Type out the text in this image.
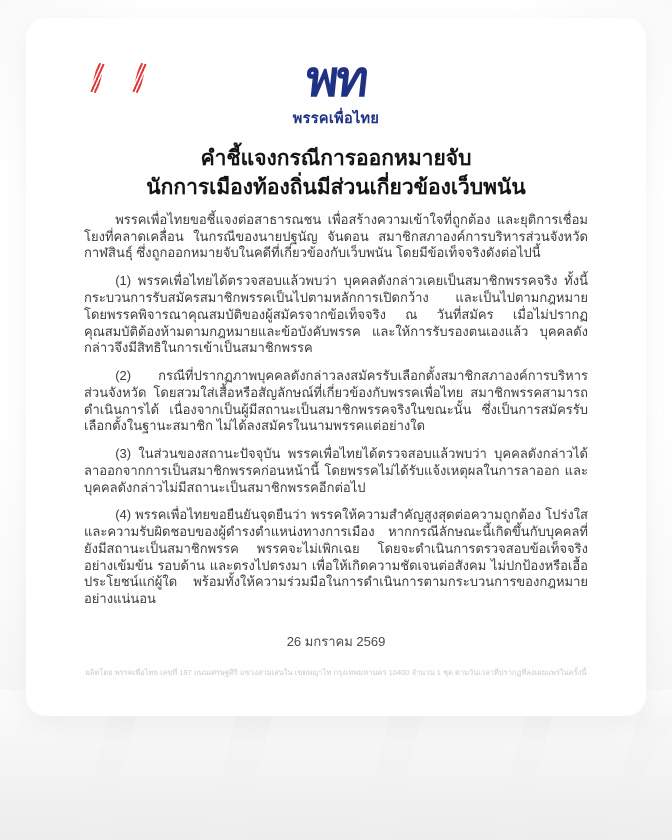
พท
พรรคเพื่อไทย
คำชี้แจงกรณีการออกหมายจับ
นักการเมืองท้องถิ่นมีส่วนเกี่ยวข้องเว็บพนัน

พรรคเพื่อไทยขอชี้แจงต่อสาธารณชน เพื่อสร้างความเข้าใจที่ถูกต้อง และยุติการเชื่อมโยงที่คลาดเคลื่อน ในกรณีของนายปฐนัญ จันดอน สมาชิกสภาองค์การบริหารส่วนจังหวัดกาฬสินธุ์ ซึ่งถูกออกหมายจับในคดีที่เกี่ยวข้องกับเว็บพนัน โดยมีข้อเท็จจริงดังต่อไปนี้

(1) พรรคเพื่อไทยได้ตรวจสอบแล้วพบว่า บุคคลดังกล่าวเคยเป็นสมาชิกพรรคจริง ทั้งนี้กระบวนการรับสมัครสมาชิกพรรคเป็นไปตามหลักการเปิดกว้าง และเป็นไปตามกฎหมาย โดยพรรคพิจารณาคุณสมบัติของผู้สมัครจากข้อเท็จจริง ณ วันที่สมัคร เมื่อไม่ปรากฏคุณสมบัติต้องห้ามตามกฎหมายและข้อบังคับพรรค และให้การรับรองตนเองแล้ว บุคคลดังกล่าวจึงมีสิทธิในการเข้าเป็นสมาชิกพรรค

(2) กรณีที่ปรากฏภาพบุคคลดังกล่าวลงสมัครรับเลือกตั้งสมาชิกสภาองค์การบริหารส่วนจังหวัด โดยสวมใส่เสื้อหรือสัญลักษณ์ที่เกี่ยวข้องกับพรรคเพื่อไทย สมาชิกพรรคสามารถดำเนินการได้ เนื่องจากเป็นผู้มีสถานะเป็นสมาชิกพรรคจริงในขณะนั้น ซึ่งเป็นการสมัครรับเลือกตั้งในฐานะสมาชิก ไม่ได้ลงสมัครในนามพรรคแต่อย่างใด

(3) ในส่วนของสถานะปัจจุบัน พรรคเพื่อไทยได้ตรวจสอบแล้วพบว่า บุคคลดังกล่าวได้ลาออกจากการเป็นสมาชิกพรรคก่อนหน้านี้ โดยพรรคไม่ได้รับแจ้งเหตุผลในการลาออก และบุคคลดังกล่าวไม่มีสถานะเป็นสมาชิกพรรคอีกต่อไป

(4) พรรคเพื่อไทยขอยืนยันจุดยืนว่า พรรคให้ความสำคัญสูงสุดต่อความถูกต้อง โปร่งใส และความรับผิดชอบของผู้ดำรงตำแหน่งทางการเมือง หากกรณีลักษณะนี้เกิดขึ้นกับบุคคลที่ยังมีสถานะเป็นสมาชิกพรรค พรรคจะไม่เพิกเฉย โดยจะดำเนินการตรวจสอบข้อเท็จจริงอย่างเข้มข้น รอบด้าน และตรงไปตรงมา เพื่อให้เกิดความชัดเจนต่อสังคม ไม่ปกป้องหรือเอื้อประโยชน์แก่ผู้ใด พร้อมทั้งให้ความร่วมมือในการดำเนินการตามกระบวนการของกฎหมายอย่างแน่นอน

26 มกราคม 2569
ผลิตโดย พรรคเพื่อไทย เลขที่ 197 ถนนเศรษฐศิริ แขวงสามเสนใน เขตพญาไท กรุงเทพมหานคร 10400 จำนวน 1 ชุด ตามวันเวลาที่ปรากฏที่ลงเผยแพร่ในครั้งนี้
